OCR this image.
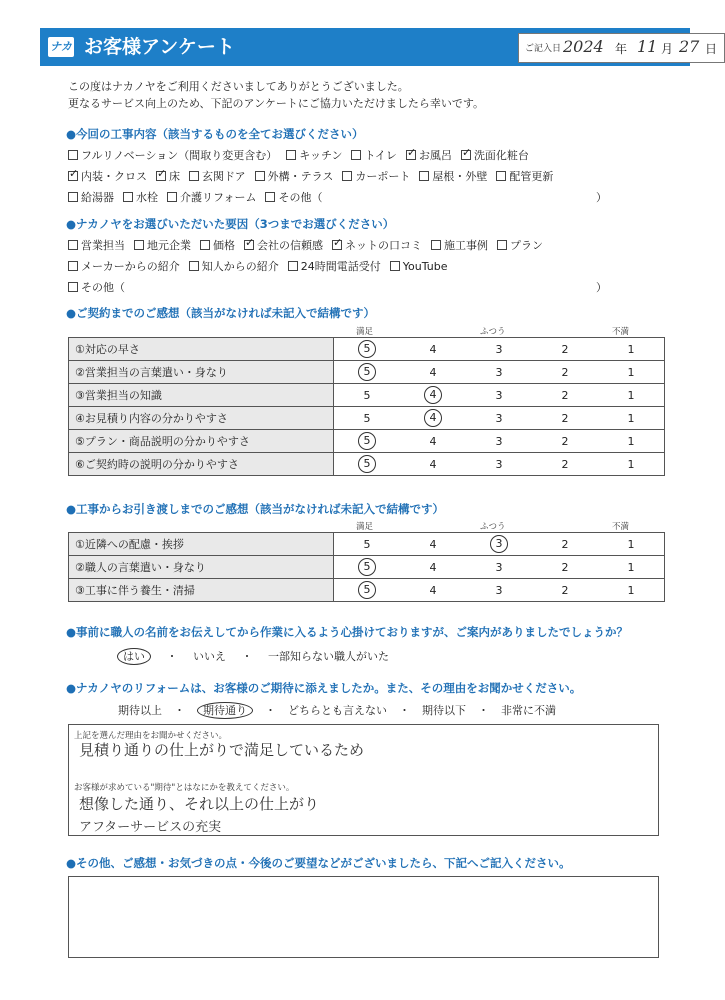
ナカ お客様アンケート	ご記入日 2024 年 11 月 27 日
この度はナカノヤをご利用くださいましてありがとうございました。
更なるサービス向上のため、下記のアンケートにご協力いただけましたら幸いです。
●今回の工事内容（該当するものを全てお選びください）
フルリノベーション（間取り変更含む） キッチン トイレ ✓ お風呂 ✓ 洗面化粧台
✓
内装・クロス ✓ 床 玄関ドア 外構・テラス カーポート 屋根・外壁 配管更新
給湯器 水栓 介護リフォーム その他（	）
●ナカノヤをお選びいただいた要因（3つまでお選びください）
営業担当 地元企業 価格 ✓ 会社の信頼感 ✓ ネットの口コミ 施工事例 プラン
メーカーからの紹介 知人からの紹介 24時間電話受付 YouTube
その他（	）
●ご契約までのご感想（該当がなければ未記入で結構です）
満足	ふつう	不満
①対応の早さ	5	4	3	2	1
②営業担当の言葉遣い・身なり	5	4	3	2	1
③営業担当の知識	5	4	3	2	1
④お見積り内容の分かりやすさ	5	4	3	2	1
⑤プラン・商品説明の分かりやすさ	5	4	3	2	1
⑥ご契約時の説明の分かりやすさ	5	4	3	2	1
●工事からお引き渡しまでのご感想（該当がなければ未記入で結構です）
満足	ふつう	不満
①近隣への配慮・挨拶	5	4	3	2	1
②職人の言葉遣い・身なり	5	4	3	2	1
③工事に伴う養生・清掃	5	4	3	2	1
●事前に職人の名前をお伝えしてから作業に入るよう心掛けておりますが、ご案内がありましたでしょうか？
はい ・ いいえ ・ 一部知らない職人がいた
●ナカノヤのリフォームは、お客様のご期待に添えましたか。また、その理由をお聞かせください。
期待以上 ・ 期待通り ・ どちらとも言えない ・ 期待以下 ・ 非常に不満
上記を選んだ理由をお聞かせください。
見積り通りの仕上がりで満足しているため
お客様が求めている"期待"とはなにかを教えてください。
想像した通り、それ以上の仕上がり
アフターサービスの充実
●その他、ご感想・お気づきの点・今後のご要望などがございましたら、下記へご記入ください。
